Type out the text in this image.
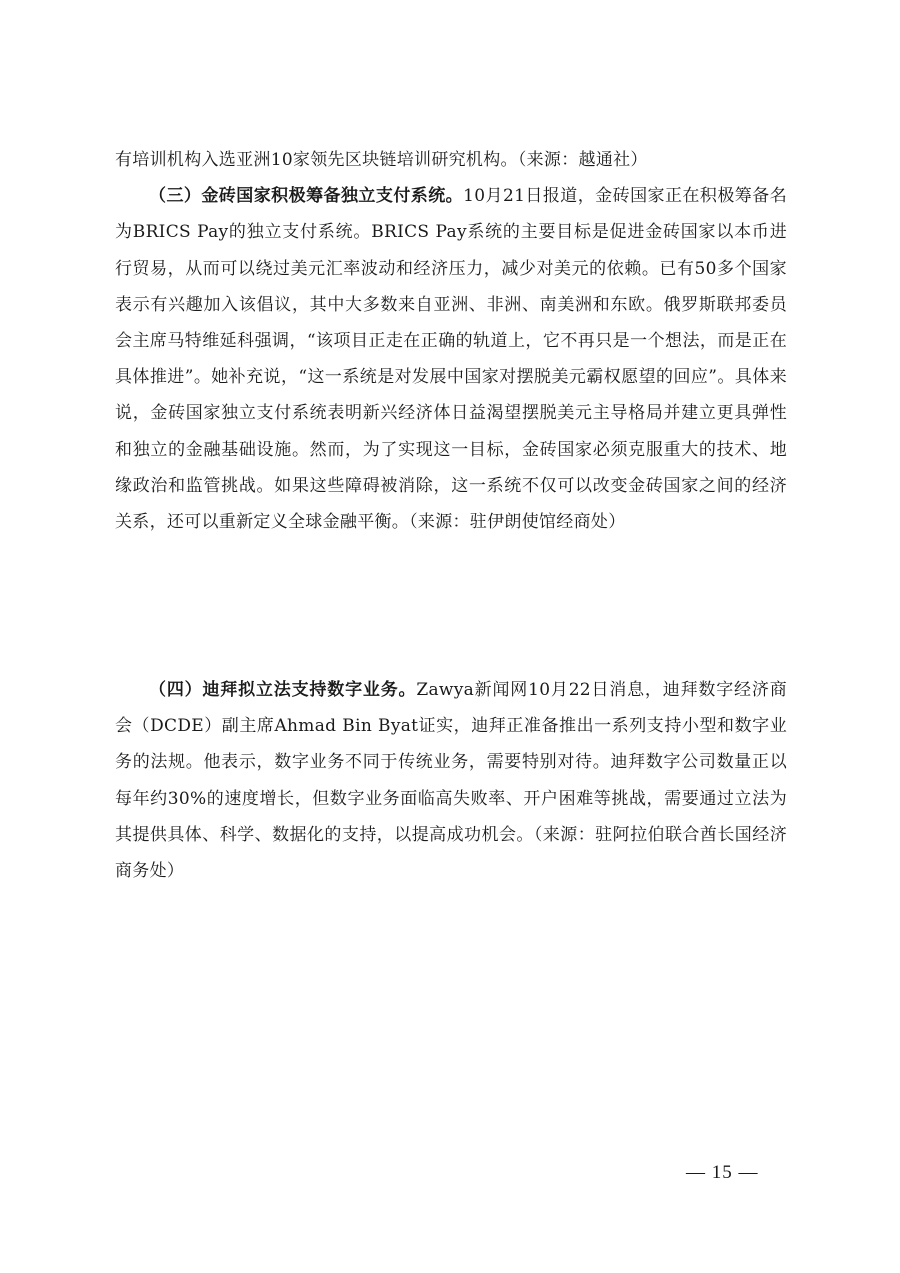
有培训机构入选亚洲10家领先区块链培训研究机构。（来源：越通社）

（三）金砖国家积极筹备独立支付系统。10月21日报道，金砖国家正在积极筹备名为BRICS Pay的独立支付系统。BRICS Pay系统的主要目标是促进金砖国家以本币进行贸易，从而可以绕过美元汇率波动和经济压力，减少对美元的依赖。已有50多个国家表示有兴趣加入该倡议，其中大多数来自亚洲、非洲、南美洲和东欧。俄罗斯联邦委员会主席马特维延科强调，“该项目正走在正确的轨道上，它不再只是一个想法，而是正在具体推进”。她补充说，“这一系统是对发展中国家对摆脱美元霸权愿望的回应”。具体来说，金砖国家独立支付系统表明新兴经济体日益渴望摆脱美元主导格局并建立更具弹性和独立的金融基础设施。然而，为了实现这一目标，金砖国家必须克服重大的技术、地缘政治和监管挑战。如果这些障碍被消除，这一系统不仅可以改变金砖国家之间的经济关系，还可以重新定义全球金融平衡。（来源：驻伊朗使馆经商处）

（四）迪拜拟立法支持数字业务。Zawya新闻网10月22日消息，迪拜数字经济商会（DCDE）副主席Ahmad Bin Byat证实，迪拜正准备推出一系列支持小型和数字业务的法规。他表示，数字业务不同于传统业务，需要特别对待。迪拜数字公司数量正以每年约30%的速度增长，但数字业务面临高失败率、开户困难等挑战，需要通过立法为其提供具体、科学、数据化的支持，以提高成功机会。（来源：驻阿拉伯联合酋长国经济商务处）

— 15 —
